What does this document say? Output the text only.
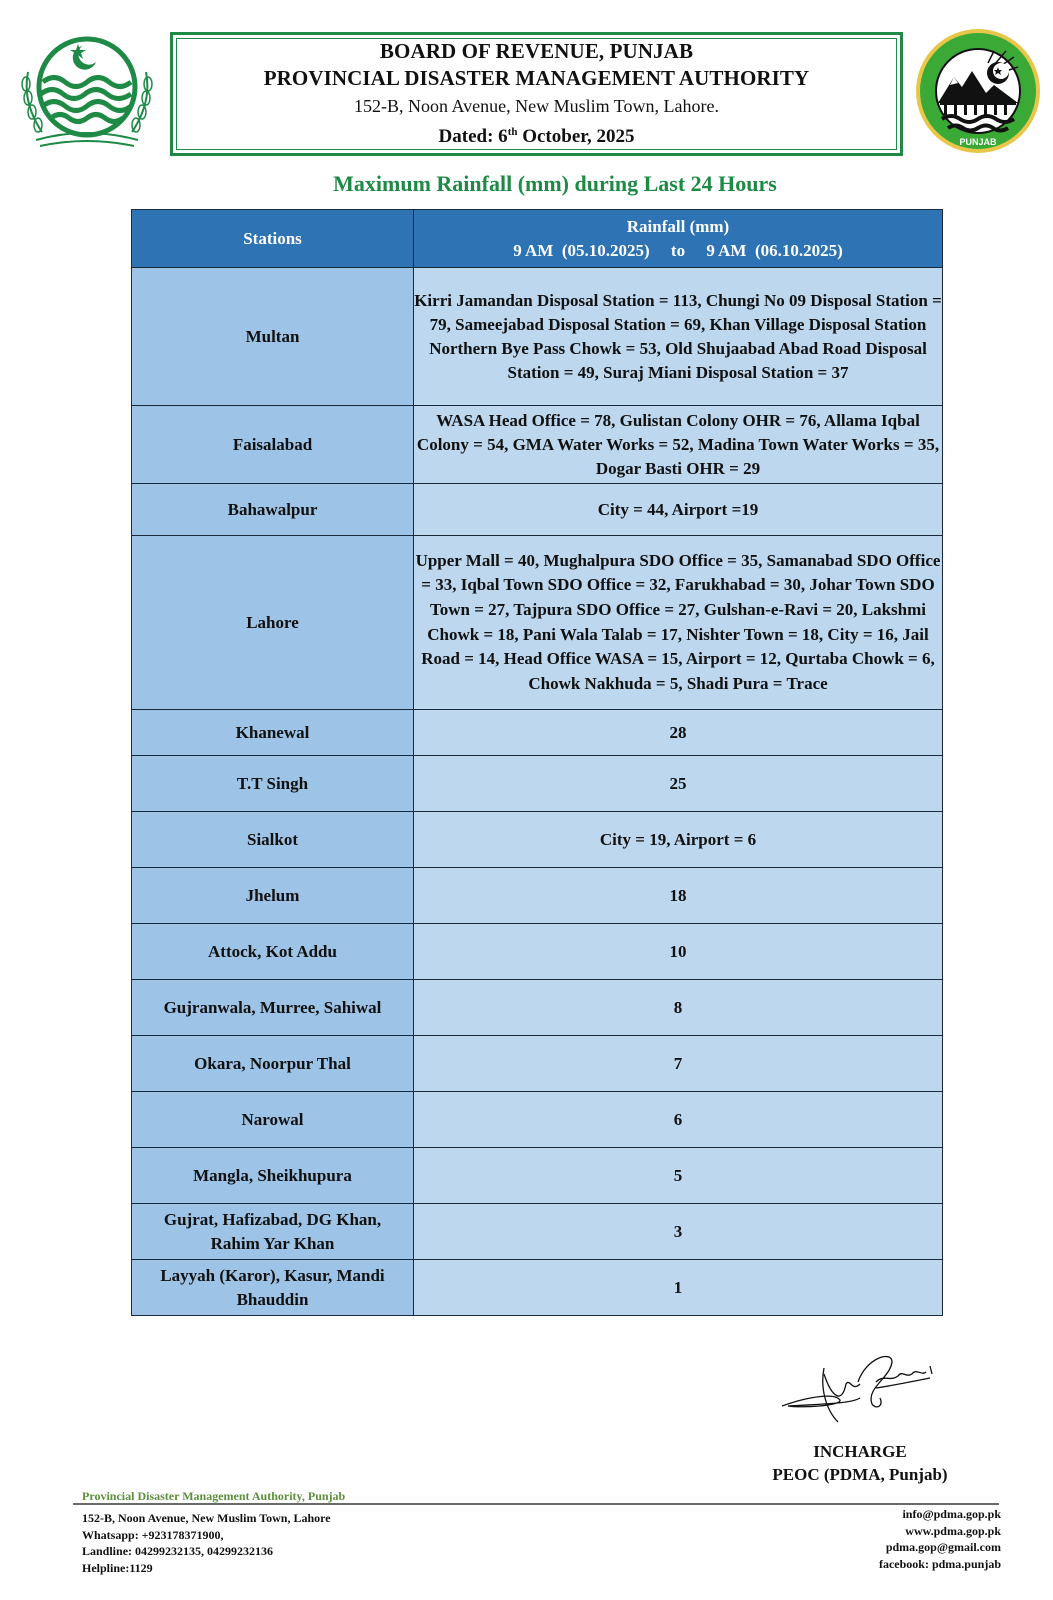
BOARD OF REVENUE, PUNJAB
PROVINCIAL DISASTER MANAGEMENT AUTHORITY
152-B, Noon Avenue, New Muslim Town, Lahore.
Dated: 6th October, 2025	PUNJAB
Maximum Rainfall (mm) during Last 24 Hours
Stations	Rainfall (mm)
9 AM  (05.10.2025)     to     9 AM  (06.10.2025)

Multan	Kirri Jamandan Disposal Station = 113, Chungi No 09 Disposal Station = 79, Sameejabad Disposal Station = 69, Khan Village Disposal Station Northern Bye Pass Chowk = 53, Old Shujaabad Abad Road Disposal Station = 49, Suraj Miani Disposal Station = 37
Faisalabad	WASA Head Office = 78, Gulistan Colony OHR = 76, Allama Iqbal Colony = 54, GMA Water Works = 52, Madina Town Water Works = 35, Dogar Basti OHR = 29
Bahawalpur	City = 44, Airport =19
Lahore	Upper Mall = 40, Mughalpura SDO Office = 35, Samanabad SDO Office = 33, Iqbal Town SDO Office = 32, Farukhabad = 30, Johar Town SDO Town = 27, Tajpura SDO Office = 27, Gulshan-e-Ravi = 20, Lakshmi Chowk = 18, Pani Wala Talab = 17, Nishter Town = 18, City = 16, Jail Road = 14, Head Office WASA = 15, Airport = 12, Qurtaba Chowk = 6, Chowk Nakhuda = 5, Shadi Pura = Trace
Khanewal	28
T.T Singh	25
Sialkot	City = 19, Airport = 6
Jhelum	18
Attock, Kot Addu	10
Gujranwala, Murree, Sahiwal	8
Okara, Noorpur Thal	7
Narowal	6
Mangla, Sheikhupura	5
Gujrat, Hafizabad, DG Khan, Rahim Yar Khan	3
Layyah (Karor), Kasur, Mandi Bhauddin	1
INCHARGE
PEOC (PDMA, Punjab)
Provincial Disaster Management Authority, Punjab
152-B, Noon Avenue, New Muslim Town, Lahore
Whatsapp: +923178371900,
Landline: 04299232135, 04299232136
Helpline:1129
info@pdma.gop.pk
www.pdma.gop.pk
pdma.gop@gmail.com
facebook: pdma.punjab
